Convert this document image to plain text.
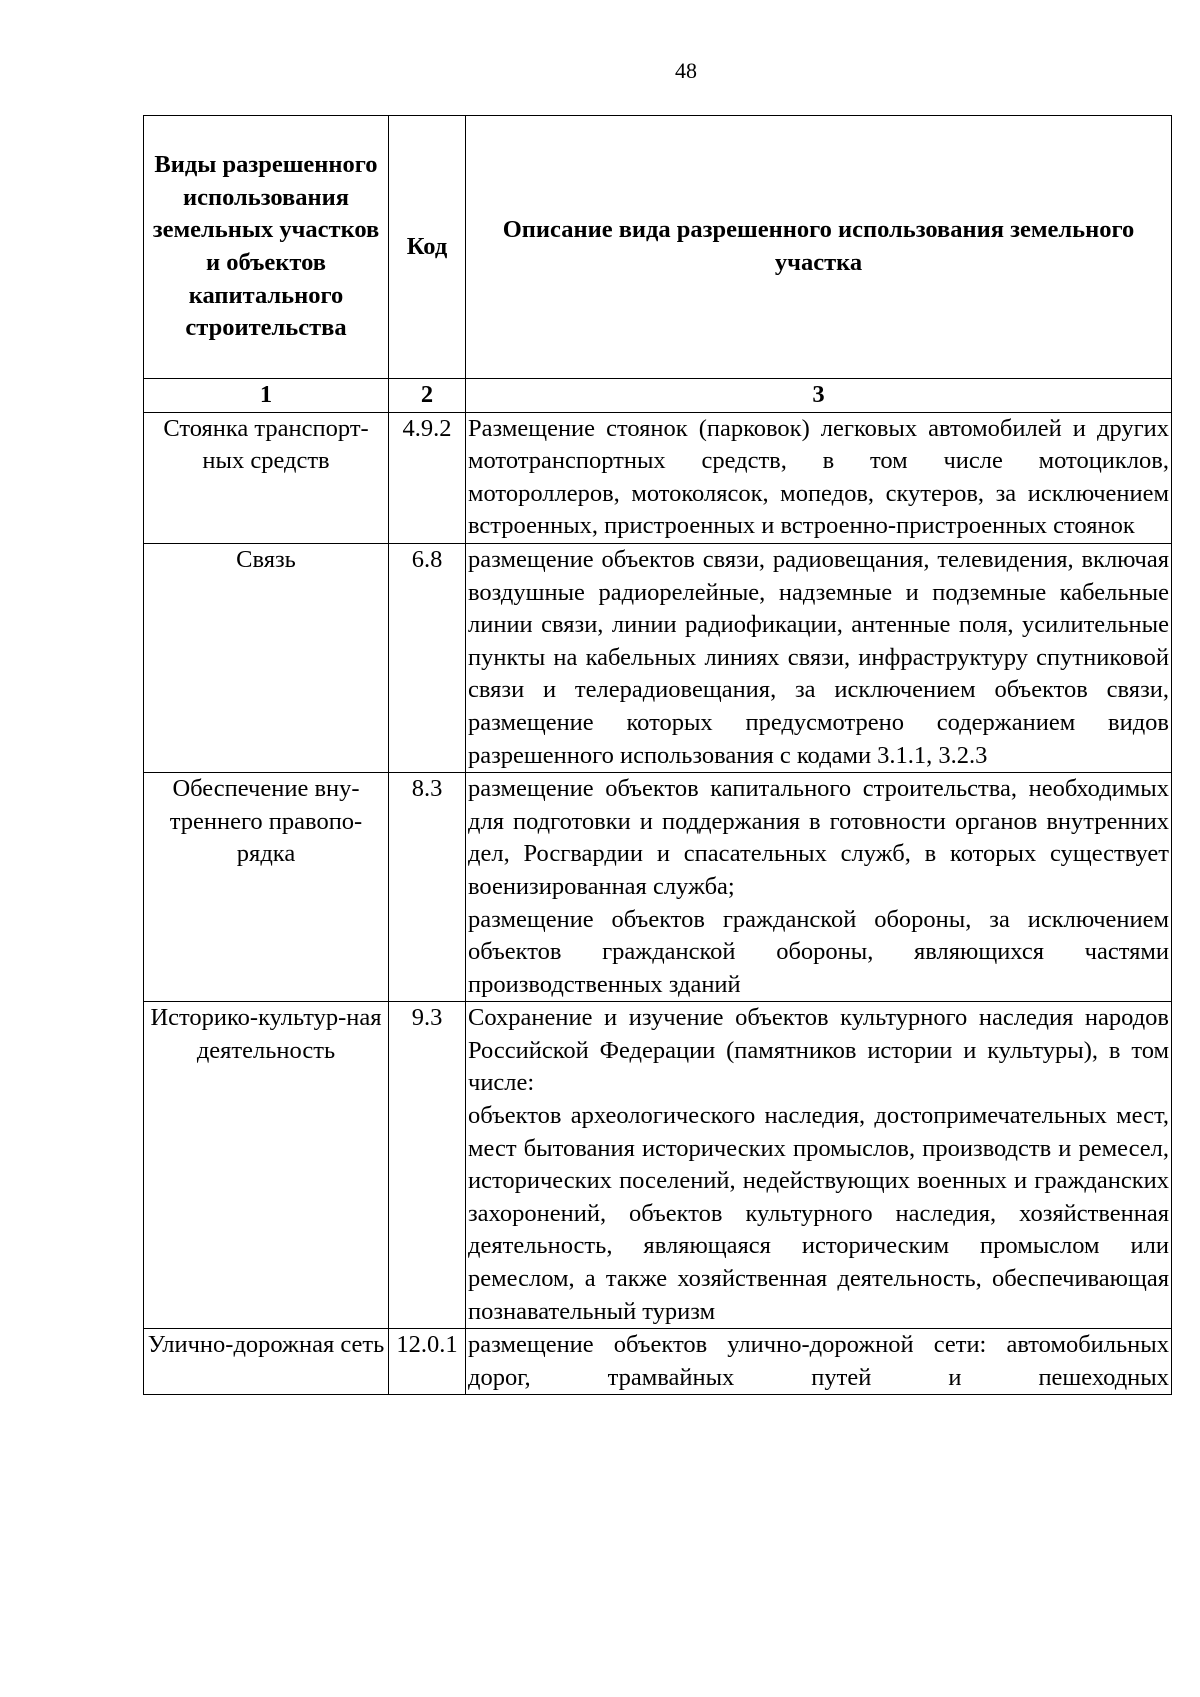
48
Виды разрешенного использования земельных участков и объектов капитального строительства	Код	Описание вида разрешенного использования земельного участка
1	2	3
Стоянка транспорт-ных средств	4.9.2	Размещение стоянок (парковок) легковых автомобилей и других мототранспортных средств, в том числе мотоциклов, мотороллеров, мотоколясок, мопедов, скутеров, за исключением встроенных, пристроенных и встроенно-пристроенных стоянок

Связь	6.8	размещение объектов связи, радиовещания, телевидения, включая воздушные радиорелейные, надземные и подземные кабельные линии связи, линии радиофикации, антенные поля, усилительные пункты на кабельных линиях связи, инфраструктуру спутниковой связи и телерадиовещания, за исключением объектов связи, размещение которых предусмотрено содержанием видов разрешенного использования с кодами 3.1.1, 3.2.3

Обеспечение вну-треннего правопо-рядка	8.3	размещение объектов капитального строительства, необходимых для подготовки и поддержания в готовности органов внутренних дел, Росгвардии и спасательных служб, в которых существует военизированная служба;

размещение объектов гражданской обороны, за исключением объектов гражданской обороны, являющихся частями производственных зданий

Историко-культур-ная деятельность	9.3	Сохранение и изучение объектов культурного наследия народов Российской Федерации (памятников истории и культуры), в том числе:

объектов археологического наследия, достопримечательных мест, мест бытования исторических промыслов, производств и ремесел, исторических поселений, недействующих военных и гражданских захоронений, объектов культурного наследия, хозяйственная деятельность, являющаяся историческим промыслом или ремеслом, а также хозяйственная деятельность, обеспечивающая познавательный туризм

Улично-дорожная сеть	12.0.1	размещение объектов улично-дорожной сети: автомобильных дорог, трамвайных путей и пешеходных
